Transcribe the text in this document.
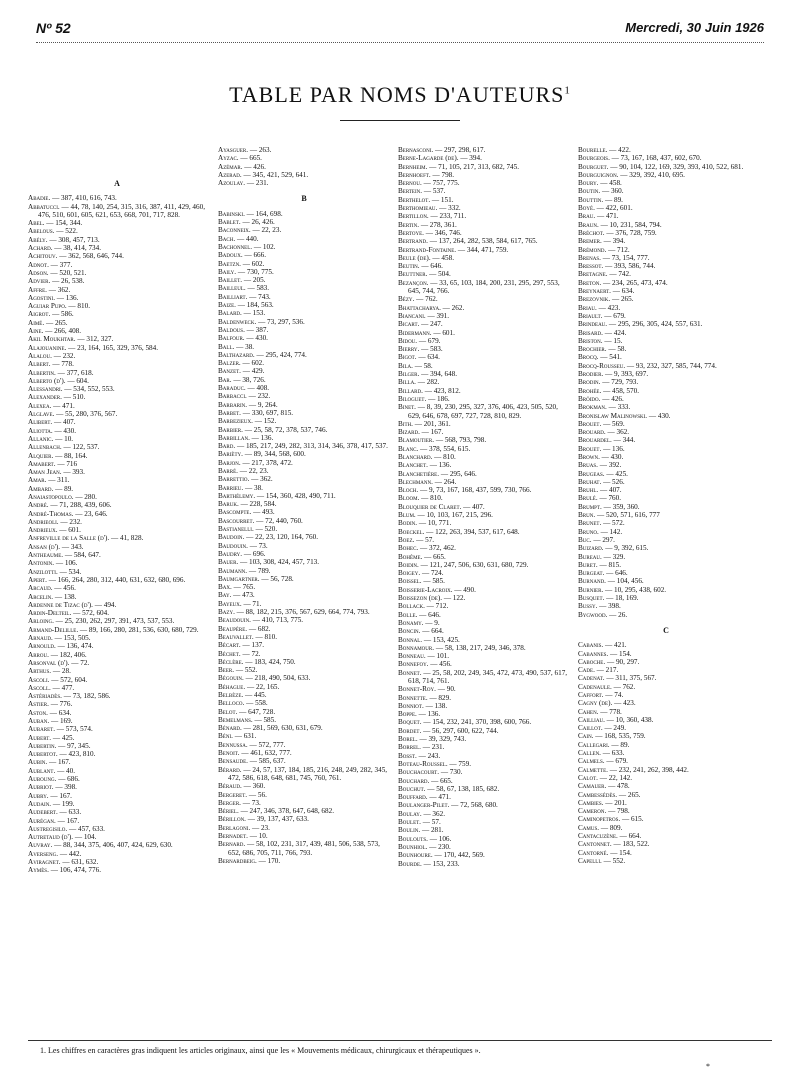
Nº 52	Mercredi, 30 Juin 1926
TABLE PAR NOMS D'AUTEURS$^1$
A
Abadie. — 387, 410, 616, 743.
Abbatucci. — 44, 78, 140, 254, 315, 316, 387, 411, 429, 460, 476, 510, 601, 605, 621, 653, 668, 701, 717, 828.
Abel. — 154, 344.
Abelous. — 522.
Abély. — 308, 457, 713.
Achard. — 38, 414, 734.
Achitouv. — 362, 568, 646, 744.
Adnot. — 377.
Adson. — 520, 521.
Advier. — 26, 538.
Affre. — 362.
Agostini. — 136.
Aguiar Pupo. — 810.
Aigrot. — 586.
Aimé. — 265.
Aine. — 266, 408.
Akil Moukhtar. — 312, 327.
Alajouanine. — 23, 164, 165, 329, 376, 584.
Alalou. — 232.
Albert. — 778.
Albertin. — 377, 618.
Alberto (d'). — 604.
Alessandri. — 534, 552, 553.
Alexander. — 510.
Alexea. — 471.
Alglave. — 55, 280, 376, 567.
Alibert. — 407.
Aliotta. — 430.
Allanic. — 10.
Allenbach. — 122, 537.
Alquier. — 88, 164.
Amabert. — 716
Aman Jean. — 393.
Amar. — 311.
Ambard. — 89.
Anaiastopoulo. — 280.
André. — 71, 288, 439, 606.
André-Thomas. — 23, 646.
Andrieoli. — 232.
Andrieux. — 601.
Anfreville de la Salle (d'). — 41, 828.
Ansan (d'). — 343.
Antheaume. — 584, 647.
Antonin. — 106.
Anzilotti. — 534.
Apert. — 166, 264, 280, 312, 440, 631, 632, 680, 696.
Arcaud. — 456.
Arcelin. — 138.
Ardenne de Tizac (d'). — 494.
Ardin-Delteil. — 572, 604.
Arloing. — 25, 230, 262, 297, 391, 473, 537, 553.
Armand-Delille. — 89, 166, 280, 281, 536, 630, 680, 729.
Arnaud. — 153, 505.
Arnould. — 136, 474.
Arrou. — 182, 406.
Arsonval (d'). — 72.
Arthus. — 28.
Ascoli. — 572, 604.
Ascoll. — 477.
Astériadès. — 73, 182, 586.
Astier. — 776.
Aston. — 634.
Auban. — 169.
Aubaret. — 573, 574.
Aubert. — 425.
Aubertin. — 97, 345.
Aubertot. — 423, 810.
Aubin. — 167.
Aublant. — 40.
Auboung. — 686.
Aubriot. — 398.
Aubry. — 167.
Audain. — 199.
Audebert. — 633.
Aurégan. — 167.
Austregisilo. — 457, 633.
Autretaud (d'). — 104.
Auvray. — 88, 344, 375, 406, 407, 424, 629, 630.
Averseng. — 442.
Aviragnet. — 631, 632.
Aymès. — 106, 474, 776.
Ayasguer. — 263.
Ayzac. — 665.
Azémar. — 426.
Azerad. — 345, 421, 529, 641.
Azoulay. — 231.
B
Babinski. — 164, 698.
Bablet. — 26, 426.
Baconneix. — 22, 23.
Bach. — 440.
Bachonnel. — 102.
Badoux. — 666.
Baetzn. — 602.
Baily. — 730, 775.
Baillet. — 205.
Bailleul. — 583.
Bailliart. — 743.
Baize. — 184, 563.
Balard. — 153.
Baldenweck. — 73, 297, 536.
Baldous. — 387.
Balfour. — 430.
Ball. — 38.
Balthazard. — 295, 424, 774.
Balzer. — 602.
Banzet. — 429.
Bar. — 38, 726.
Baraduc. — 408.
Barbacci. — 232.
Barbarin. — 9, 264.
Barbet. — 330, 697, 815.
Barbezieux. — 152.
Barbier. — 25, 58, 72, 378, 537, 746.
Barbillan. — 136.
Bard. — 185, 217, 249, 282, 313, 314, 346, 378, 417, 537.
Barièty. — 89, 344, 568, 600.
Barjon. — 217, 378, 472.
Barré. — 22, 23.
Barrettio. — 362.
Barrieu. — 38.
Barthélemy. — 154, 360, 428, 490, 711.
Baruk. — 228, 584.
Bascompte. — 493.
Bascourret. — 72, 440, 760.
Bastianelli. — 520.
Baudoin. — 22, 23, 120, 164, 760.
Baudouin. — 73.
Baudry. — 696.
Bauer. — 103, 308, 424, 457, 713.
Baumann. — 789.
Baumgartner. — 56, 728.
Bax. — 765.
Bay. — 473.
Bayeux. — 71.
Bazy. — 88, 182, 215, 376, 567, 629, 664, 774, 793.
Beaudouin. — 410, 713, 775.
Beaupère. — 682.
Beauvallet. — 810.
Bécart. — 137.
Béchet. — 72.
Béclère. — 183, 424, 750.
Beer. — 552.
Bégouin. — 218, 490, 504, 633.
Béhague. — 22, 165.
Belbèze. — 445.
Belloco. — 558.
Belot. — 647, 728.
Bemelmans. — 585.
Bénard. — 281, 569, 630, 631, 679.
Béni. — 631.
Bennussa. — 572, 777.
Benoit. — 461, 632, 777.
Bensaude. — 585, 637.
Bérard. — 24, 57, 137, 184, 185, 216, 248, 249, 282, 345, 472, 586, 618, 648, 681, 745, 760, 761.
Béraud. — 360.
Bergeret. — 56.
Berger. — 73.
Bériel. — 247, 346, 378, 647, 648, 682.
Bérillon. — 39, 137, 437, 633.
Berlagoni. — 23.
Bernadet. — 10.
Bernard. — 58, 102, 231, 317, 439, 481, 506, 538, 573, 652, 686, 705, 711, 766, 793.
Bernardbeig. — 170.
Bernasconi. — 297, 298, 617.
Berne-Lagarde (de). — 394.
Bernheim. — 71, 105, 217, 313, 682, 745.
Bernhoeft. — 798.
Bernou. — 757, 775.
Bertein. — 537.
Berthelot. — 151.
Berthomieau. — 332.
Bertillon. — 233, 711.
Bertin. — 278, 361.
Bertoye. — 346, 746.
Bertrand. — 137, 264, 282, 538, 584, 617, 765.
Bertrand-Fontaine. — 344, 471, 759.
Beule (de). — 458.
Beutin. — 646.
Beuttner. — 504.
Bezançon. — 33, 65, 103, 184, 200, 231, 295, 297, 553, 645, 744, 766.
Bézy. — 762.
Bhattacharya. — 262.
Biancani. — 391.
Bicart. — 247.
Bidermann. — 601.
Bidou. — 679.
Bierry. — 583.
Bigot. — 634.
Bila. — 58.
Bilger. — 394, 648.
Billa. — 282.
Billard. — 423, 812.
Biloguet. — 186.
Binet. — 8, 39, 230, 295, 327, 376, 406, 423, 505, 520, 629, 646, 678, 697, 727, 728, 810, 829.
Bith. — 201, 361.
Bizard. — 167.
Blamoutier. — 568, 793, 798.
Blanc. — 378, 554, 615.
Blanchard. — 810.
Blanchet. — 136.
Blanchetière. — 295, 646.
Blechmann. — 264.
Bloch. — 9, 73, 167, 168, 437, 599, 730, 766.
Bloom. — 810.
Blouquier de Claret. — 407.
Blum. — 10, 103, 167, 215, 296.
Bodin. — 10, 771.
Boeckel. — 122, 263, 394, 537, 617, 648.
Boez. — 57.
Bohec. — 372, 462.
Bohême. — 665.
Boidin. — 121, 247, 506, 630, 631, 680, 729.
Boigey. — 724.
Boissel. — 585.
Boisserie-Lacroix. — 490.
Boissezon (de). — 122.
Bollack. — 712.
Bolle. — 646.
Bonamy. — 9.
Boncin. — 664.
Bonnal. — 153, 425.
Bonnamour. — 58, 138, 217, 249, 346, 378.
Bonneau. — 101.
Bonnefoy. — 456.
Bonnet. — 25, 58, 202, 249, 345, 472, 473, 490, 537, 617, 618, 714, 761.
Bonnet-Roy. — 90.
Bonnette. — 829.
Bonniot. — 138.
Boppe. — 136.
Boquet. — 154, 232, 241, 370, 398, 600, 766.
Bordet. — 56, 297, 600, 622, 744.
Borel. — 39, 329, 743.
Borrel. — 231.
Bosst. — 243.
Boteau-Roussel. — 759.
Bouchacourt. — 730.
Bouchard. — 665.
Bouchut. — 58, 67, 138, 185, 682.
Bouffard. — 471.
Boulanger-Pilet. — 72, 568, 680.
Boulay. — 362.
Boulet. — 57.
Boulin. — 281.
Boulouts. — 106.
Bounhiol. — 230.
Bounhoure. — 170, 442, 569.
Bourde. — 153, 233.
Bourelle. — 422.
Bourgeois. — 73, 167, 168, 437, 602, 670.
Bourguet. — 90, 104, 122, 169, 329, 393, 410, 522, 681.
Bourguignon. — 329, 392, 410, 695.
Boury. — 458.
Boutin. — 360.
Bouttin. — 89.
Boyé. — 422, 601.
Brau. — 471.
Braun. — 10, 231, 584, 794.
Bréchot. — 376, 728, 759.
Bremer. — 394.
Brémond. — 712.
Brenas. — 73, 154, 777.
Bressot. — 393, 586, 744.
Bretagne. — 742.
Breton. — 234, 265, 473, 474.
Breynaert. — 634.
Brezovnik. — 265.
Briau. — 423.
Briault. — 679.
Brindeau. — 295, 296, 305, 424, 557, 631.
Brisard. — 424.
Briston. — 15.
Brochier. — 58.
Brocq. — 541.
Brocq-Rousseu. — 93, 232, 327, 585, 744, 774.
Brodier. — 9, 393, 697.
Brodin. — 729, 793.
Brohée. — 458, 570.
Bröido. — 426.
Brokman. — 333.
Bronislaw Malinowski. — 430.
Brouet. — 569.
Brouard. — 362.
Brouardel. — 344.
Brouet. — 136.
Brown. — 430.
Bruas. — 392.
Brugeas. — 425.
Bruhat. — 526.
Bruhl. — 407.
Brulé. — 760.
Brumpt. — 359, 360.
Brun. — 520, 571, 616, 777
Brunet. — 572.
Bruno. — 142.
Buc. — 297.
Buizard. — 9, 392, 615.
Bureau. — 329.
Buret. — 815.
Burgeat. — 646.
Burnand. — 104, 456.
Burnier. — 10, 295, 438, 602.
Busquet. — 18, 169.
Bussy. — 398.
Bygwood. — 26.
C
Cabanis. — 421.
Cabannes. — 154.
Caboche. — 90, 297.
Cade. — 217.
Cadenat. — 311, 375, 567.
Cadenaule. — 762.
Caffort. — 74.
Cagny (de). — 423.
Cahen. — 778.
Cailliau. — 10, 360, 438.
Caillot. — 249.
Cain. — 168, 535, 759.
Callegari. — 89.
Callen. — 633.
Calmels. — 679.
Calmette. — 232, 241, 262, 398, 442.
Calot. — 22, 142.
Camauer. — 478.
Cambessédès. — 265.
Cambies. — 201.
Cameron. — 798.
Caminopetros. — 615.
Camus. — 809.
Cantacuzène. — 664.
Cantonnet. — 183, 522.
Cantorné. — 154.
Capelli. — 552.
1. Les chiffres en caractères gras indiquent les articles originaux, ainsi que les « Mouvements médicaux, chirurgicaux et thérapeutiques ».
*
